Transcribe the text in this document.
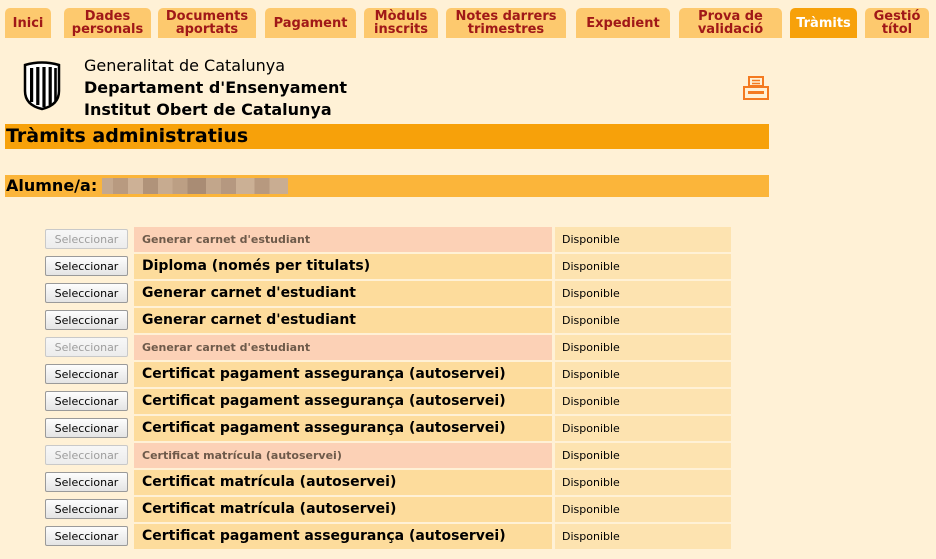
Inici	Dades
personals
Documents
aportats	Pagament	Mòduls
inscrits
Notes darrers
trimestres	Expedient	Prova de
validació	Tràmits	Gestió
títol
Generalitat de Catalunya
Departament d'Ensenyament
Institut Obert de Catalunya
Tràmits administratius
Alumne/a:
Seleccionar	Generar carnet d'estudiant	Disponible
Seleccionar	Diploma (només per titulats)	Disponible
Seleccionar	Generar carnet d'estudiant	Disponible
Seleccionar	Generar carnet d'estudiant	Disponible
Seleccionar	Generar carnet d'estudiant	Disponible
Seleccionar	Certificat pagament assegurança (autoservei)	Disponible
Seleccionar	Certificat pagament assegurança (autoservei)	Disponible
Seleccionar	Certificat pagament assegurança (autoservei)	Disponible
Seleccionar	Certificat matrícula (autoservei)	Disponible
Seleccionar	Certificat matrícula (autoservei)	Disponible
Seleccionar	Certificat matrícula (autoservei)	Disponible
Seleccionar	Certificat pagament assegurança (autoservei)	Disponible
